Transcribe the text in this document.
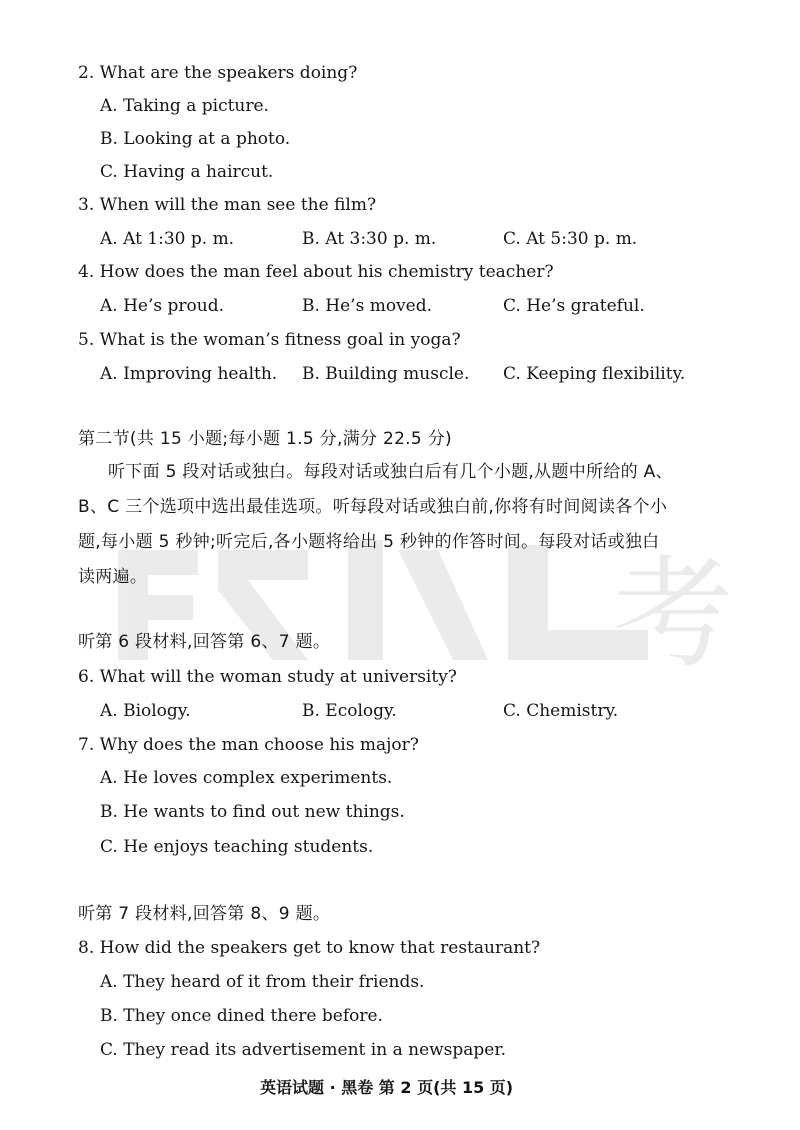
考
2. What are the speakers doing?
A. Taking a picture.
B. Looking at a photo.
C. Having a haircut.
3. When will the man see the film?
A. At 1:30 p. m.	B. At 3:30 p. m.	C. At 5:30 p. m.
4. How does the man feel about his chemistry teacher?
A. He’s proud.	B. He’s moved.	C. He’s grateful.
5. What is the woman’s fitness goal in yoga?
A. Improving health. B. Building muscle. C. Keeping flexibility.
第二节(共 15 小题;每小题 1.5 分,满分 22.5 分)
听下面 5 段对话或独白。每段对话或独白后有几个小题,从题中所给的 A、
B、C 三个选项中选出最佳选项。听每段对话或独白前,你将有时间阅读各个小
题,每小题 5 秒钟;听完后,各小题将给出 5 秒钟的作答时间。每段对话或独白
读两遍。
听第 6 段材料,回答第 6、7 题。
6. What will the woman study at university?
A. Biology.	B. Ecology.	C. Chemistry.
7. Why does the man choose his major?
A. He loves complex experiments.
B. He wants to find out new things.
C. He enjoys teaching students.
听第 7 段材料,回答第 8、9 题。
8. How did the speakers get to know that restaurant?
A. They heard of it from their friends.
B. They once dined there before.
C. They read its advertisement in a newspaper.
英语试题 · 黑卷 第 2 页(共 15 页)
